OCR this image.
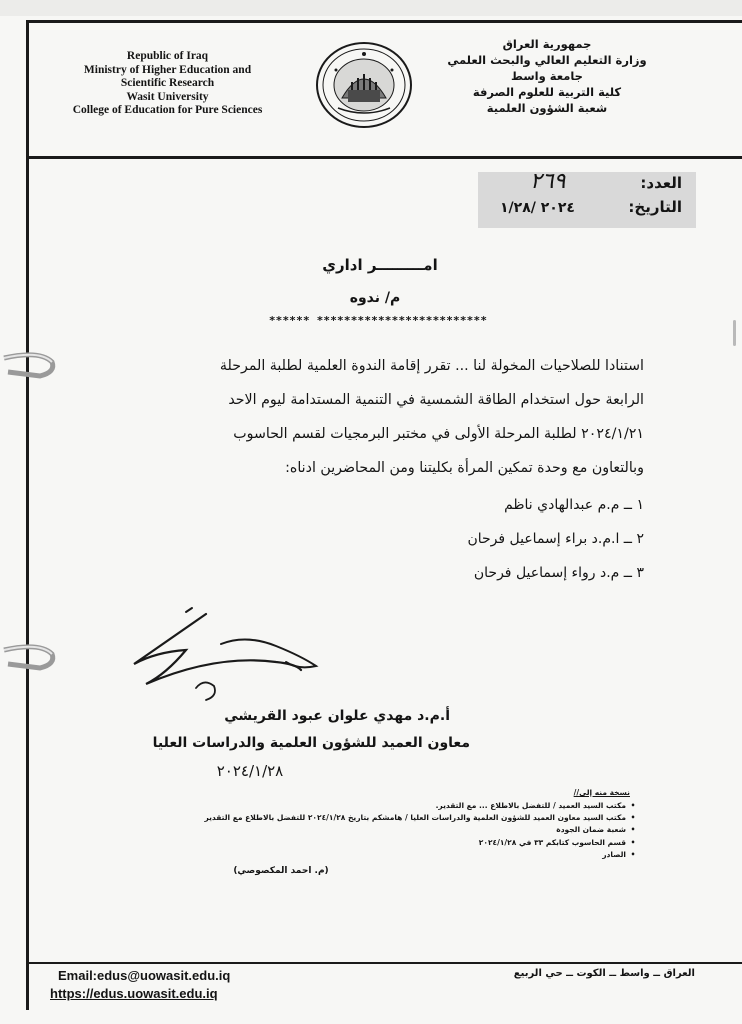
Republic of Iraq
Ministry of Higher Education and
Scientific Research
Wasit University
College of Education for Pure Sciences
جمهورية العراق
وزارة التعليم العالي والبحث العلمي
جامعة واسط
كلية التربية للعلوم الصرفة
شعبة الشؤون العلمية
العدد:
٢٦٩
التاريخ:
٢٠٢٤ /١/٢٨
امـــــــــر اداري
م/ ندوه
****** *************************
استنادا للصلاحيات المخولة لنا ... تقرر إقامة الندوة العلمية لطلبة المرحلة
الرابعة حول استخدام الطاقة الشمسية في التنمية المستدامة ليوم الاحد
٢٠٢٤/١/٢١ لطلبة المرحلة الأولى في مختبر البرمجيات لقسم الحاسوب
وبالتعاون مع وحدة تمكين المرأة بكليتنا ومن المحاضرين ادناه:
١ ــ م.م عبدالهادي ناظم
٢ ــ ا.م.د براء إسماعيل فرحان
٣ ــ م.د رواء إسماعيل فرحان
أ.م.د مهدي علوان عبود القريشي
معاون العميد للشؤون العلمية والدراسات العليا
٢٠٢٤/١/٢٨
نسخة منه إلى//
• مكتب السيد العميد / للتفضل بالاطلاع ... مع التقدير.
• مكتب السيد معاون العميد للشؤون العلمية والدراسات العليا / هامشكم بتاريخ ٢٠٢٤/١/٢٨ للتفضل بالاطلاع مع التقدير
• شعبة ضمان الجودة
• قسم الحاسوب كتابكم ٣٣ في ٢٠٢٤/١/٢٨
• الصادر
(م. احمد المكصوصي)
Email:edus@uowasit.edu.iq
https://edus.uowasit.edu.iq
العراق ــ واسط ــ الكوت ــ حي الربيع
